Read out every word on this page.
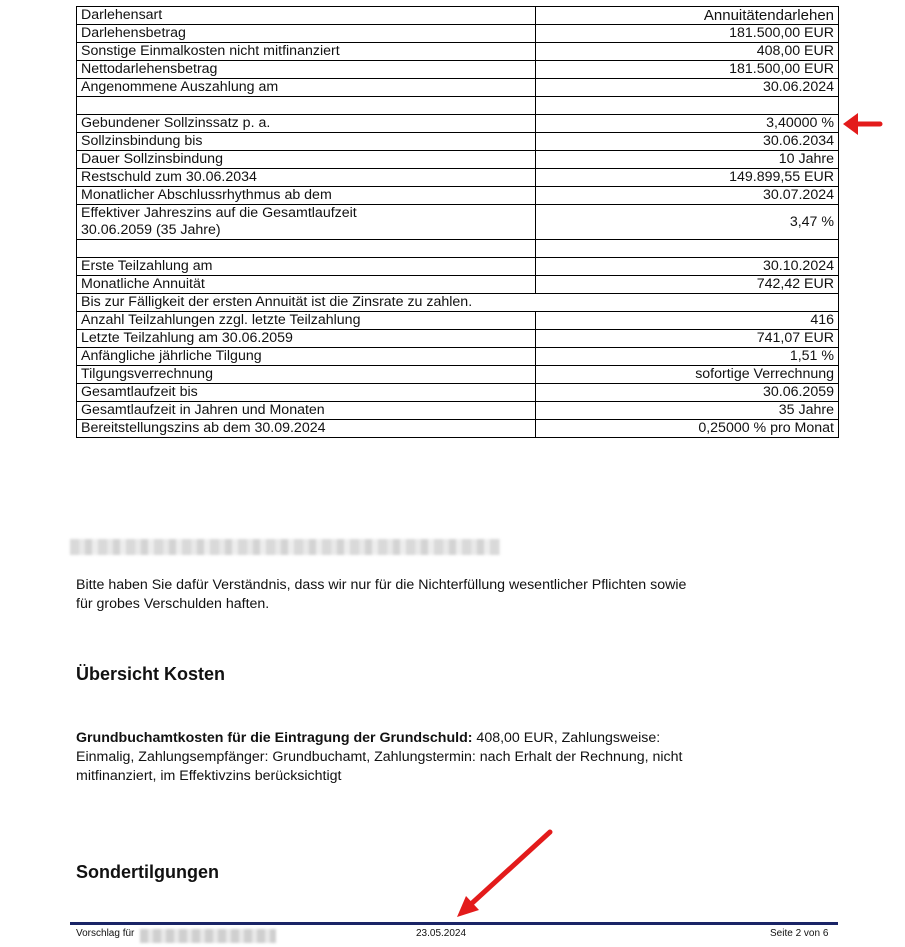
Darlehensart	Annuitätendarlehen
Darlehensbetrag	181.500,00 EUR
Sonstige Einmalkosten nicht mitfinanziert	408,00 EUR
Nettodarlehensbetrag	181.500,00 EUR
Angenommene Auszahlung am	30.06.2024

Gebundener Sollzinssatz p. a.	3,40000 %
Sollzinsbindung bis	30.06.2034
Dauer Sollzinsbindung	10 Jahre
Restschuld zum 30.06.2034	149.899,55 EUR
Monatlicher Abschlussrhythmus ab dem	30.07.2024

Effektiver Jahreszins auf die Gesamtlaufzeit
30.06.2059 (35 Jahre)	3,47 %

Erste Teilzahlung am	30.10.2024
Monatliche Annuität	742,42 EUR
Bis zur Fälligkeit der ersten Annuität ist die Zinsrate zu zahlen.	
Anzahl Teilzahlungen zzgl. letzte Teilzahlung	416
Letzte Teilzahlung am 30.06.2059	741,07 EUR
Anfängliche jährliche Tilgung	1,51 %
Tilgungsverrechnung	sofortige Verrechnung
Gesamtlaufzeit bis	30.06.2059
Gesamtlaufzeit in Jahren und Monaten	35 Jahre
Bereitstellungszins ab dem 30.09.2024	0,25000 % pro Monat

Bitte haben Sie dafür Verständnis, dass wir nur für die Nichterfüllung wesentlicher Pflichten sowie
für grobes Verschulden haften.

Übersicht Kosten

Grundbuchamtkosten für die Eintragung der Grundschuld: 408,00 EUR, Zahlungsweise:
Einmalig, Zahlungsempfänger: Grundbuchamt, Zahlungstermin: nach Erhalt der Rechnung, nicht
mitfinanziert, im Effektivzins berücksichtigt

Sondertilgungen
Vorschlag für	23.05.2024	Seite 2 von 6
